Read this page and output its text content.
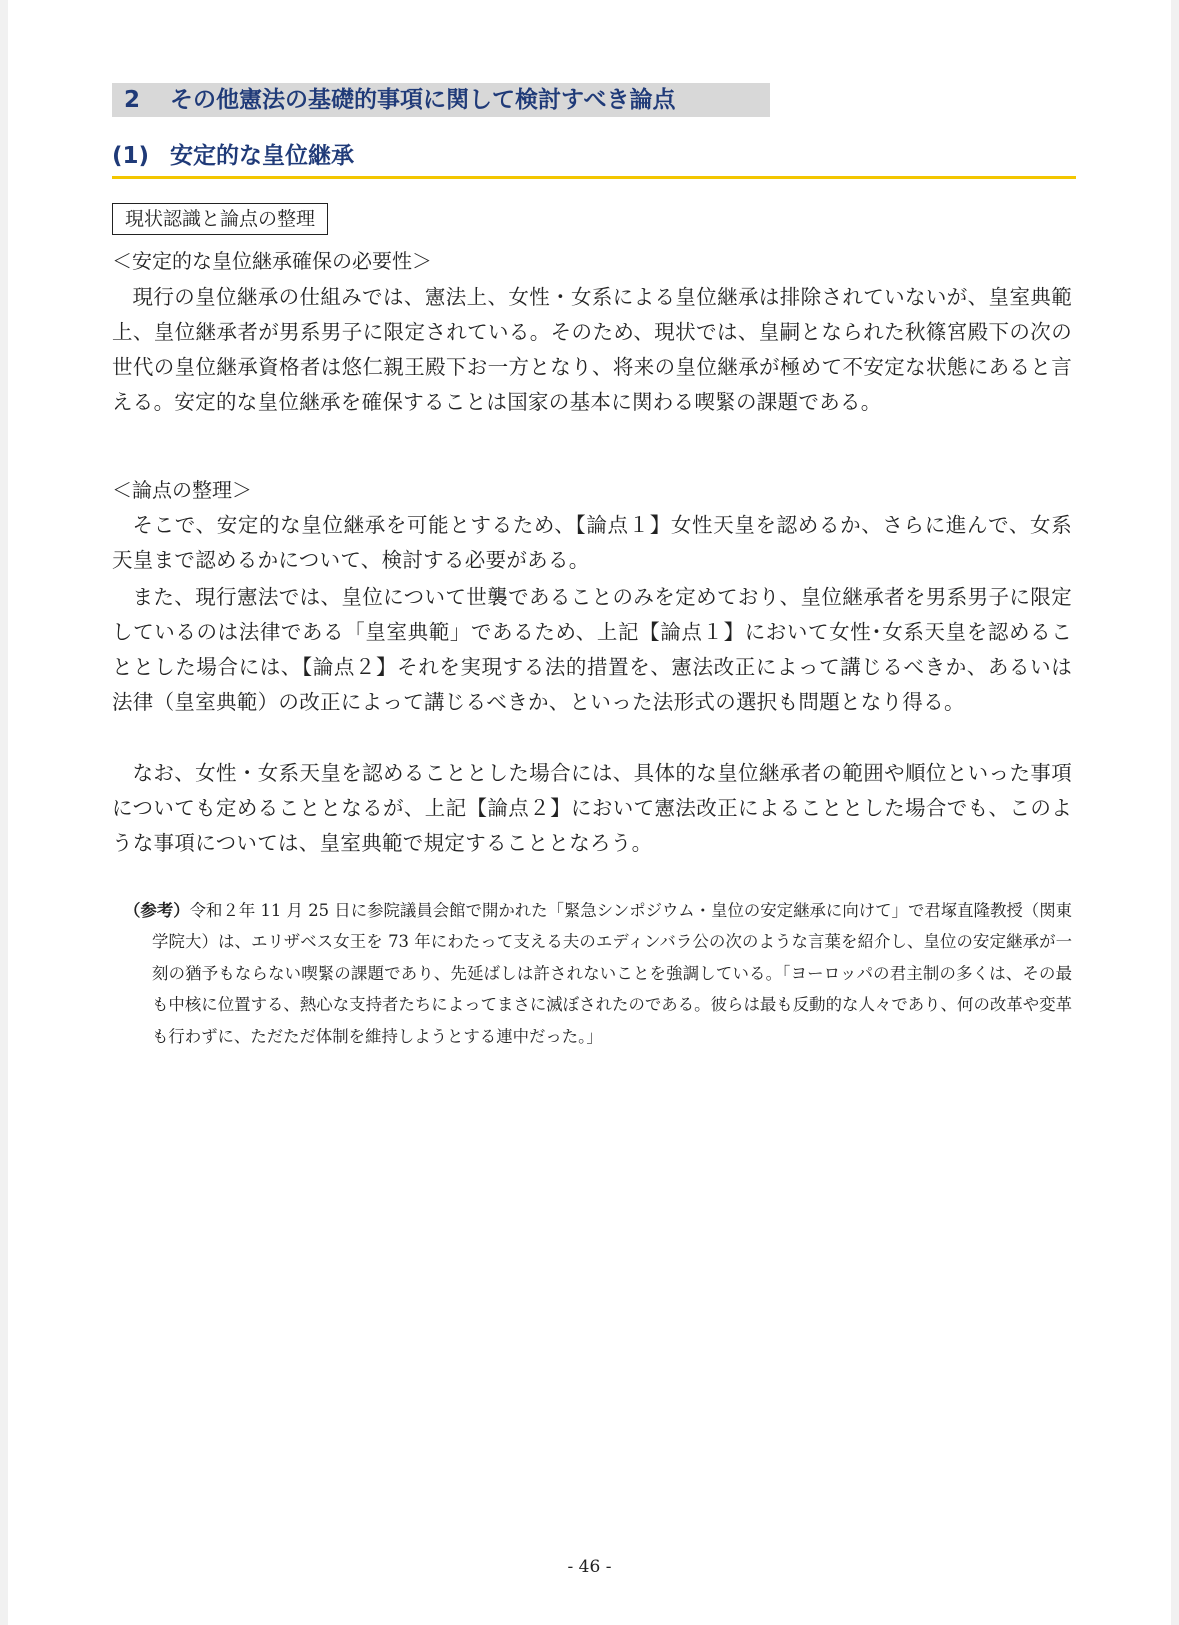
2 その他憲法の基礎的事項に関して検討すべき論点
(1) 安定的な皇位継承
現状認識と論点の整理
＜安定的な皇位継承確保の必要性＞

現行の皇位継承の仕組みでは、憲法上、女性・女系による皇位継承は排除されていないが、皇室典範上、皇位継承者が男系男子に限定されている。そのため、現状では、皇嗣となられた秋篠宮殿下の次の世代の皇位継承資格者は悠仁親王殿下お一方となり、将来の皇位継承が極めて不安定な状態にあると言える。安定的な皇位継承を確保することは国家の基本に関わる喫緊の課題である。

＜論点の整理＞

そこで、安定的な皇位継承を可能とするため、【論点１】女性天皇を認めるか、さらに進んで、女系天皇まで認めるかについて、検討する必要がある。

また、現行憲法では、皇位について世襲であることのみを定めており、皇位継承者を男系男子に限定しているのは法律である「皇室典範」であるため、上記【論点１】において女性･女系天皇を認めることとした場合には、【論点２】それを実現する法的措置を、憲法改正によって講じるべきか、あるいは法律（皇室典範）の改正によって講じるべきか、といった法形式の選択も問題となり得る。

なお、女性・女系天皇を認めることとした場合には、具体的な皇位継承者の範囲や順位といった事項についても定めることとなるが、上記【論点２】において憲法改正によることとした場合でも、このような事項については、皇室典範で規定することとなろう。

（参考）令和２年 11 月 25 日に参院議員会館で開かれた「緊急シンポジウム・皇位の安定継承に向けて」で君塚直隆教授（関東学院大）は、エリザベス女王を 73 年にわたって支える夫のエディンバラ公の次のような言葉を紹介し、皇位の安定継承が一刻の猶予もならない喫緊の課題であり、先延ばしは許されないことを強調している。「ヨーロッパの君主制の多くは、その最も中核に位置する、熱心な支持者たちによってまさに滅ぼされたのである。彼らは最も反動的な人々であり、何の改革や変革も行わずに、ただただ体制を維持しようとする連中だった。」

- 46 -
